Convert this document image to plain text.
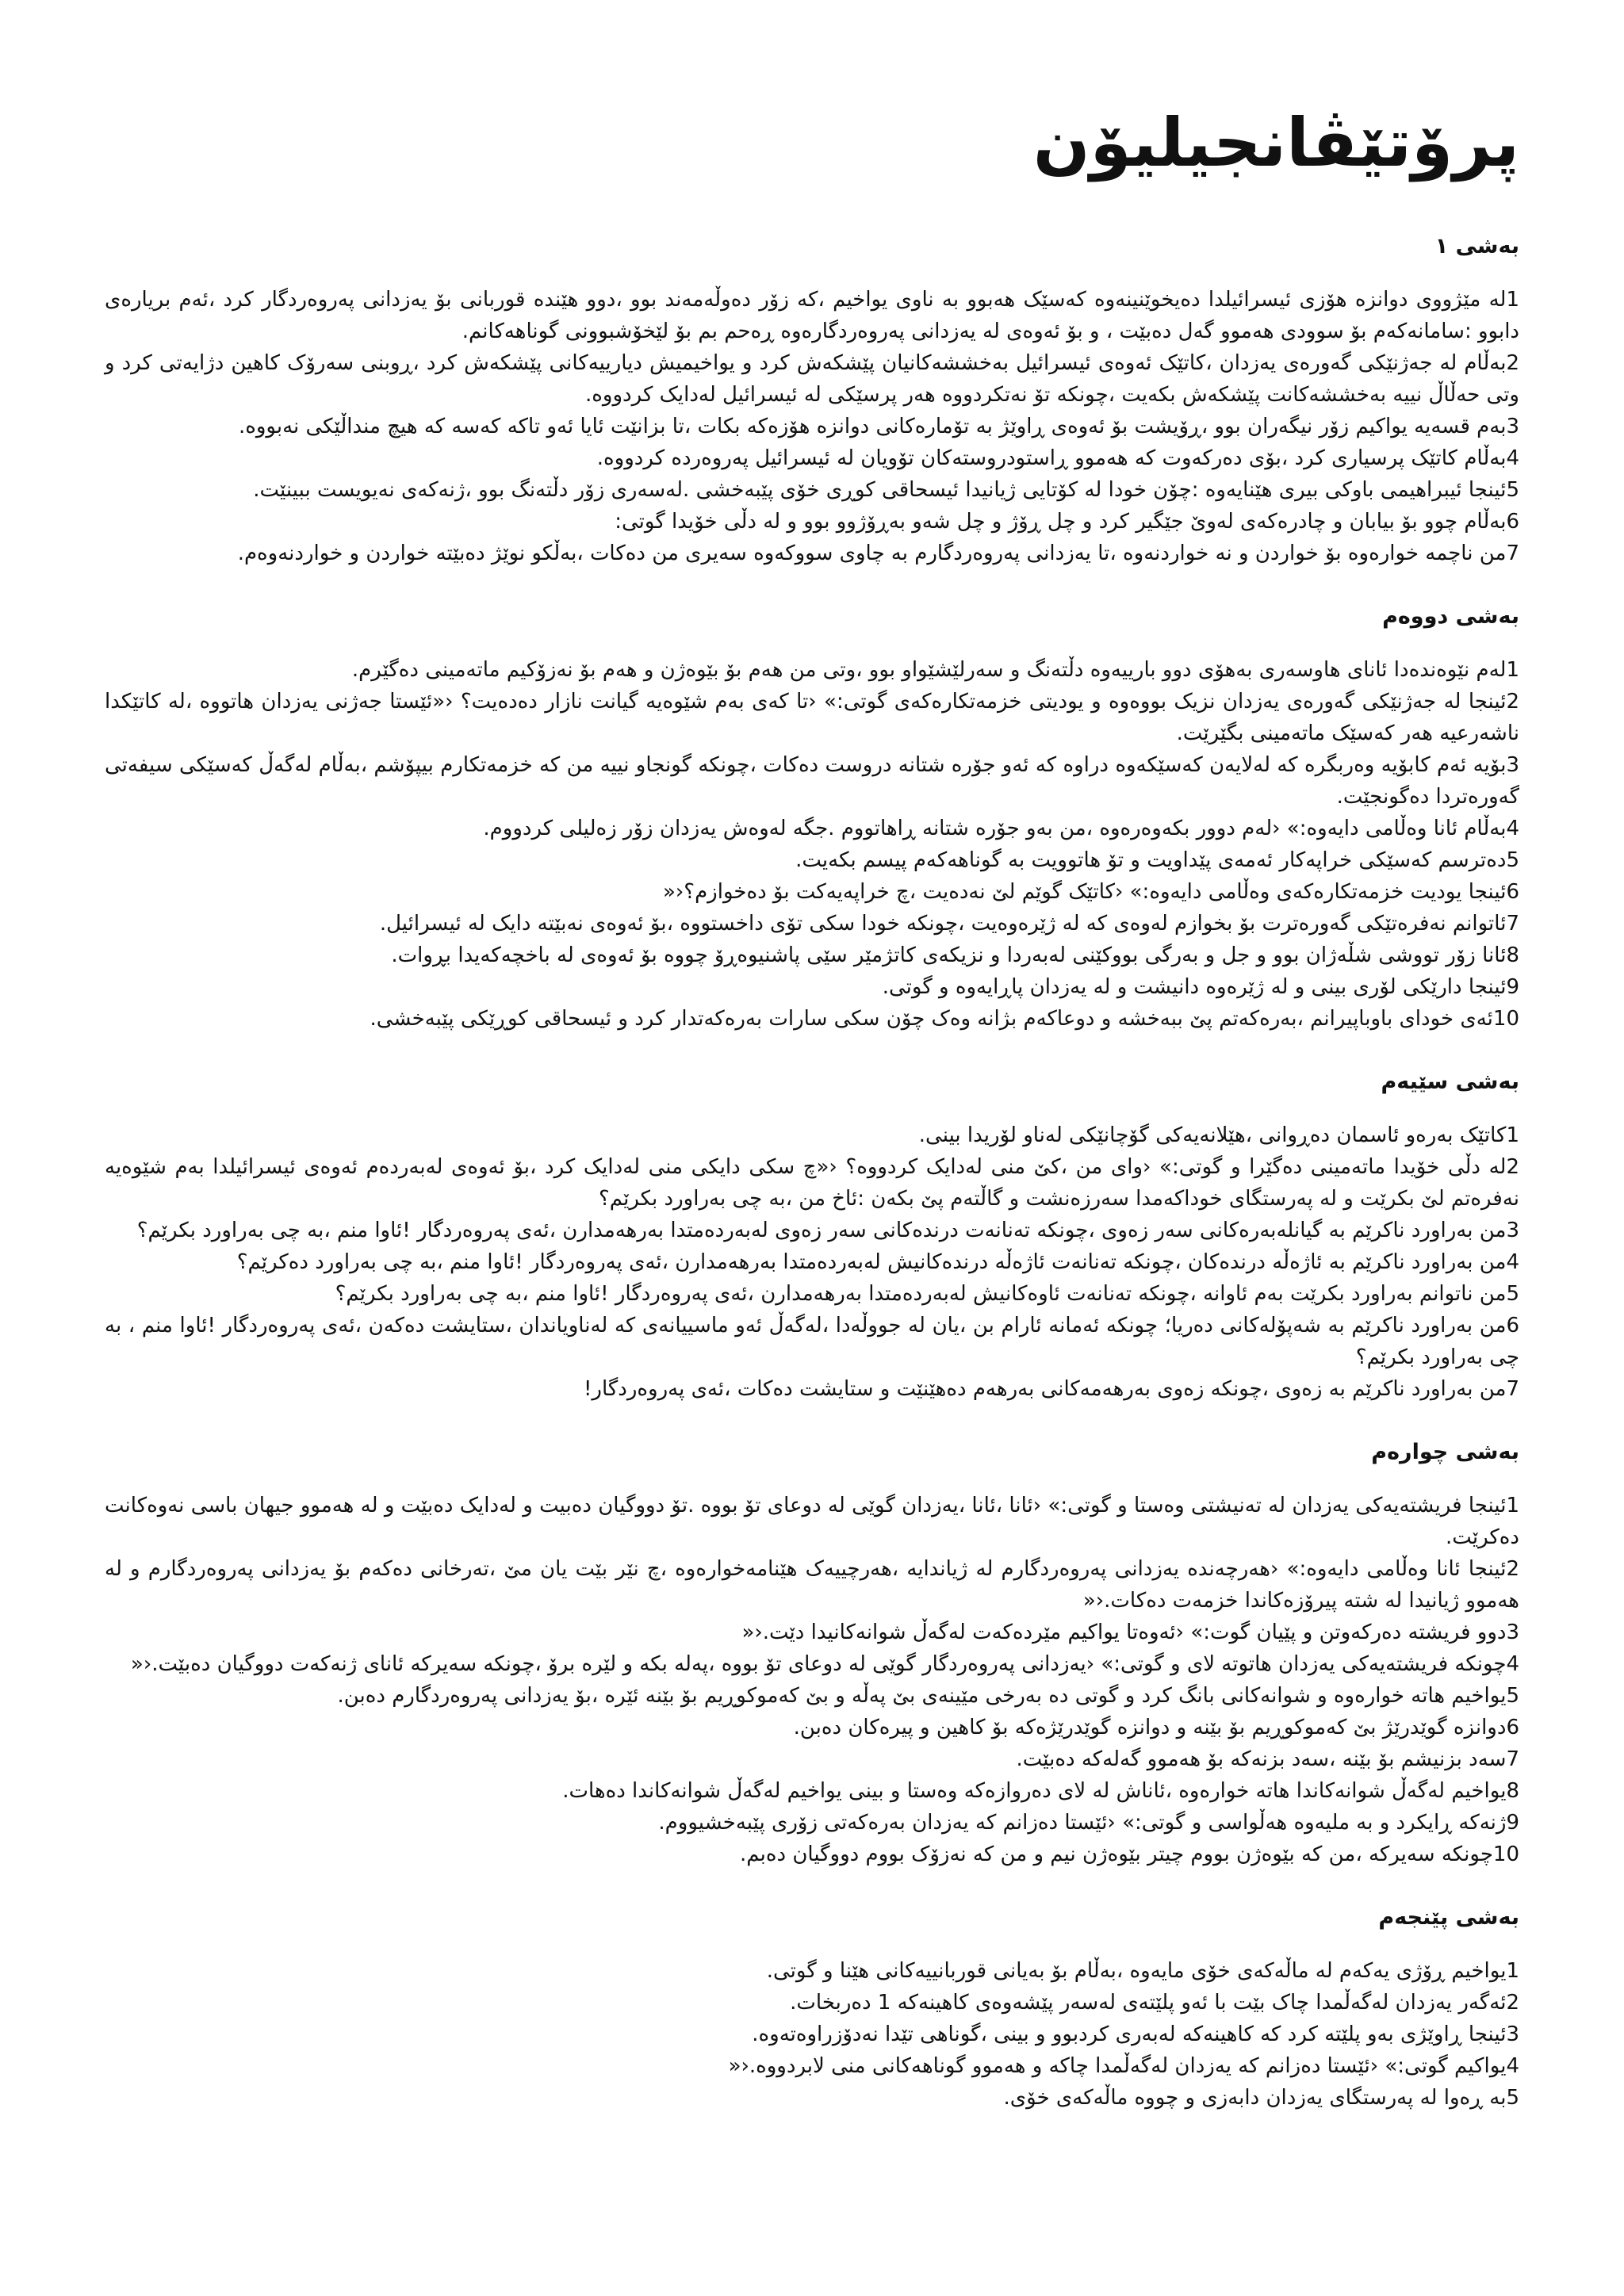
پرۆتێڤانجیلیۆن
بەشی ١

1لە مێژووی دوانزە هۆزی ئیسرائیلدا دەیخوێنینەوە کەسێک هەبوو بە ناوی یواخیم ،کە زۆر دەوڵەمەند بوو ،دوو هێندە قوربانی بۆ یەزدانی پەروەردگار کرد ،ئەم بریارەی دابوو :سامانەکەم بۆ سوودی هەموو گەل دەبێت ، و بۆ ئەوەی لە یەزدانی پەروەردگارەوە ڕەحم بم بۆ لێخۆشبوونی گوناهەکانم.

2بەڵام لە جەژنێکی گەورەی یەزدان ،کاتێک ئەوەی ئیسرائیل بەخششەکانیان پێشکەش کرد و یواخیمیش دیارییەکانی پێشکەش کرد ،ڕوبنی سەرۆک کاهین دژایەتی کرد و وتی حەڵاڵ نییە بەخششەکانت پێشکەش بکەیت ،چونکە تۆ نەتکردووە هەر پرسێکی لە ئیسرائیل لەدایک کردووە.

3بەم قسەیە یواکیم زۆر نیگەران بوو ،ڕۆیشت بۆ ئەوەی ڕاوێژ بە تۆمارەکانی دوانزە هۆزەکە بکات ،تا بزانێت ئایا ئەو تاکە کەسە کە هیچ منداڵێکی نەبووە.

4بەڵام کاتێک پرسیاری کرد ،بۆی دەرکەوت کە هەموو ڕاستودروستەکان تۆویان لە ئیسرائیل پەروەردە کردووە.

5ئینجا ئیبراهیمی باوکی بیری هێنایەوە :چۆن خودا لە کۆتایی ژیانیدا ئیسحاقی کوڕی خۆی پێبەخشی .لەسەری زۆر دڵتەنگ بوو ،ژنەکەی نەیویست ببینێت.

6بەڵام چوو بۆ بیابان و چادرەکەی لەوێ جێگیر کرد و چل ڕۆژ و چل شەو بەڕۆژوو بوو و لە دڵی خۆیدا گوتی:

7من ناچمە خوارەوە بۆ خواردن و نە خواردنەوە ،تا یەزدانی پەروەردگارم بە چاوی سووکەوە سەیری من دەکات ،بەڵکو نوێژ دەبێتە خواردن و خواردنەوەم.

بەشی دووەم

1لەم نێوەندەدا ئانای هاوسەری بەهۆی دوو بارییەوە دڵتەنگ و سەرلێشێواو بوو ،وتی من هەم بۆ بێوەژن و هەم بۆ نەزۆکیم ماتەمینی دەگێرم.

2ئینجا لە جەژنێکی گەورەی یەزدان نزیک بووەوە و یودیتی خزمەتکارەکەی گوتی:» ‹تا کەی بەم شێوەیە گیانت نازار دەدەیت؟ ‹«ئێستا جەژنی یەزدان هاتووە ،لە کاتێکدا ناشەرعیە هەر کەسێک ماتەمینی بگێرێت.

3بۆیە ئەم کابۆیە وەربگرە کە لەلایەن کەسێکەوە دراوە کە ئەو جۆرە شتانە دروست دەکات ،چونکە گونجاو نییە من کە خزمەتکارم بیپۆشم ،بەڵام لەگەڵ کەسێکی سیفەتی گەورەتردا دەگونجێت.

4بەڵام ئانا وەڵامی دایەوە:» ‹لەم دوور بکەوەرەوە ،من بەو جۆرە شتانە ڕاهاتووم .جگە لەوەش یەزدان زۆر زەلیلی کردووم.

5دەترسم کەسێکی خراپەکار ئەمەی پێداویت و تۆ هاتوویت بە گوناهەکەم پیسم بکەیت.

6ئینجا یودیت خزمەتکارەکەی وەڵامی دایەوە:» ‹کاتێک گوێم لێ نەدەیت ،چ خراپەیەکت بۆ دەخوازم؟‹«

7ئاتوانم نەفرەتێکی گەورەترت بۆ بخوازم لەوەی کە لە ژێرەوەیت ،چونکە خودا سکی تۆی داخستووە ،بۆ ئەوەی نەبێتە دایک لە ئیسرائیل.

8ئانا زۆر تووشی شڵەژان بوو و جل و بەرگی بووکێنی لەبەردا و نزیکەی کاتژمێر سێی پاشنیوەڕۆ چووە بۆ ئەوەی لە باخچەکەیدا بڕوات.

9ئینجا دارێکی لۆری بینی و لە ژێرەوە دانیشت و لە یەزدان پاڕایەوە و گوتی.

10ئەی خودای باوباپیرانم ،بەرەکەتم پێ ببەخشە و دوعاکەم بژانە وەک چۆن سکی سارات بەرەکەتدار کرد و ئیسحاقی کوڕێکی پێبەخشی.

بەشی سێیەم

1کاتێک بەرەو ئاسمان دەڕوانی ،هێلانەیەکی گۆچانێکی لەناو لۆریدا بینی.

2لە دڵی خۆیدا ماتەمینی دەگێرا و گوتی:» ‹وای من ،کێ منی لەدایک کردووە؟ ‹«چ سکی دایکی منی لەدایک کرد ،بۆ ئەوەی لەبەردەم ئەوەی ئیسرائیلدا بەم شێوەیە نەفرەتم لێ بکرێت و لە پەرستگای خوداکەمدا سەرزەنشت و گاڵتەم پێ بکەن :ئاخ من ،بە چی بەراورد بکرێم؟

3من بەراورد ناکرێم بە گیانلەبەرەکانی سەر زەوی ،چونکە تەنانەت درندەکانی سەر زەوی لەبەردەمتدا بەرهەمدارن ،ئەی پەروەردگار !ئاوا منم ،بە چی بەراورد بکرێم؟

4من بەراورد ناکرێم بە ئاژەڵە درندەکان ،چونکە تەنانەت ئاژەڵە درندەکانیش لەبەردەمتدا بەرهەمدارن ،ئەی پەروەردگار !ئاوا منم ،بە چی بەراورد دەکرێم؟

5من ناتوانم بەراورد بکرێت بەم ئاوانە ،چونکە تەنانەت ئاوەکانیش لەبەردەمتدا بەرهەمدارن ،ئەی پەروەردگار !ئاوا منم ،بە چی بەراورد بکرێم؟

6من بەراورد ناکرێم بە شەپۆلەکانی دەریا؛ چونکە ئەمانە ئارام بن ،یان لە جووڵەدا ،لەگەڵ ئەو ماسییانەی کە لەناویاندان ،ستایشت دەکەن ،ئەی پەروەردگار !ئاوا منم ، بە چی بەراورد بکرێم؟

7من بەراورد ناکرێم بە زەوی ،چونکە زەوی بەرهەمەکانی بەرهەم دەهێنێت و ستایشت دەکات ،ئەی پەروەردگار!

بەشی چوارەم

1ئینجا فریشتەیەکی یەزدان لە تەنیشتی وەستا و گوتی:» ‹ئانا ،ئانا ،یەزدان گوێی لە دوعای تۆ بووە .تۆ دووگیان دەبیت و لەدایک دەبێت و لە هەموو جیهان باسی نەوەکانت دەکرێت.

2ئینجا ئانا وەڵامی دایەوە:» ‹هەرچەندە یەزدانی پەروەردگارم لە ژیاندایە ،هەرچییەک هێنامەخوارەوە ،چ نێر بێت یان مێ ،تەرخانی دەکەم بۆ یەزدانی پەروەردگارم و لە هەموو ژیانیدا لە شتە پیرۆزەکاندا خزمەت دەکات.‹«

3دوو فریشتە دەرکەوتن و پێیان گوت:» ‹ئەوەتا یواکیم مێردەکەت لەگەڵ شوانەکانیدا دێت.‹«

4چونکە فریشتەیەکی یەزدان هاتوتە لای و گوتی:» ‹یەزدانی پەروەردگار گوێی لە دوعای تۆ بووە ،پەلە بکە و لێرە برۆ ،چونکە سەیرکە ئانای ژنەکەت دووگیان دەبێت.‹«

5یواخیم هاتە خوارەوە و شوانەکانی بانگ کرد و گوتی دە بەرخی مێینەی بێ پەڵە و بێ کەموکوڕیم بۆ بێنە ئێرە ،بۆ یەزدانی پەروەردگارم دەبن.

6دوانزە گوێدرێژ بێ کەموکوڕیم بۆ بێنە و دوانزە گوێدرێژەکە بۆ کاهین و پیرەکان دەبن.

7سەد بزنیشم بۆ بێنە ،سەد بزنەکە بۆ هەموو گەلەکە دەبێت.

8یواخیم لەگەڵ شوانەکاندا هاتە خوارەوە ،ئاناش لە لای دەروازەکە وەستا و بینی یواخیم لەگەڵ شوانەکاندا دەهات.

9ژنەکە ڕایکرد و بە ملیەوە هەڵواسی و گوتی:» ‹ئێستا دەزانم کە یەزدان بەرەکەتی زۆری پێبەخشیووم.

10چونکە سەیرکە ،من کە بێوەژن بووم چیتر بێوەژن نیم و من کە نەزۆک بووم دووگیان دەبم.

بەشی پێنجەم

1یواخیم ڕۆژی یەکەم لە ماڵەکەی خۆی مایەوە ،بەڵام بۆ بەیانی قوربانییەکانی هێنا و گوتی.

2ئەگەر یەزدان لەگەڵمدا چاک بێت با ئەو پلێتەی لەسەر پێشەوەی کاهینەکە 1 دەربخات.

3ئینجا ڕاوێژی بەو پلێتە کرد کە کاهینەکە لەبەری کردبوو و بینی ،گوناهی تێدا نەدۆزراوەتەوە.

4یواکیم گوتی:» ‹ئێستا دەزانم کە یەزدان لەگەڵمدا چاکە و هەموو گوناهەکانی منی لابردووە.‹«

5بە ڕەوا لە پەرستگای یەزدان دابەزی و چووە ماڵەکەی خۆی.
